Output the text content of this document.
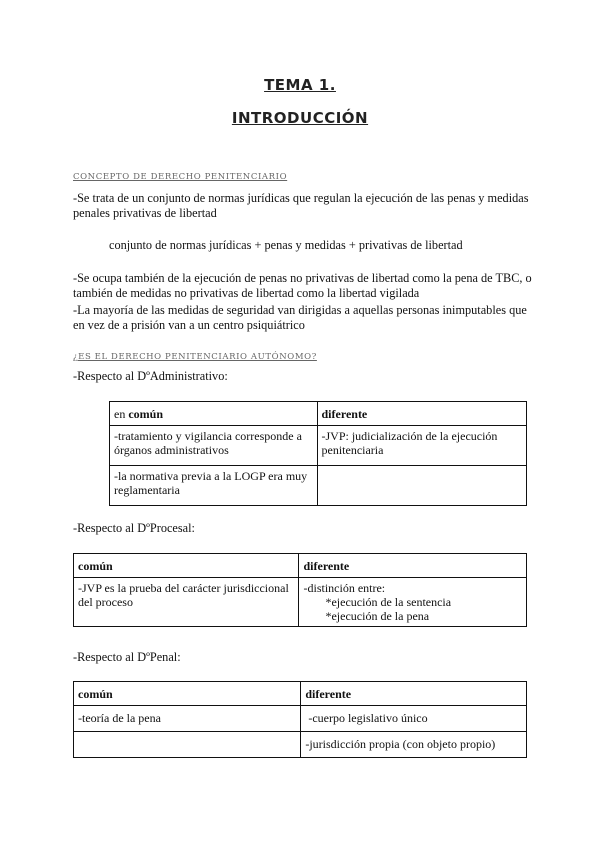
TEMA 1.
INTRODUCCIÓN
CONCEPTO DE DERECHO PENITENCIARIO
-Se trata de un conjunto de normas jurídicas que regulan la ejecución de las penas y medidas penales privativas de libertad
conjunto de normas jurídicas + penas y medidas + privativas de libertad
-Se ocupa también de la ejecución de penas no privativas de libertad como la pena de TBC, o también de medidas no privativas de libertad como la libertad vigilada
-La mayoría de las medidas de seguridad van dirigidas a aquellas personas inimputables que en vez de a prisión van a un centro psiquiátrico
¿ES EL DERECHO PENITENCIARIO AUTÓNOMO?
-Respecto al DºAdministrativo:
en común	diferente
-tratamiento y vigilancia corresponde a órganos administrativos	-JVP: judicialización de la ejecución penitenciaria
-la normativa previa a la LOGP era muy reglamentaria	
-Respecto al DºProcesal:
común	diferente
-JVP es la prueba del carácter jurisdiccional del proceso	-distinción entre:
*ejecución de la sentencia
*ejecución de la pena
-Respecto al DºPenal:
común	diferente
-teoría de la pena	-cuerpo legislativo único
	-jurisdicción propia (con objeto propio)
